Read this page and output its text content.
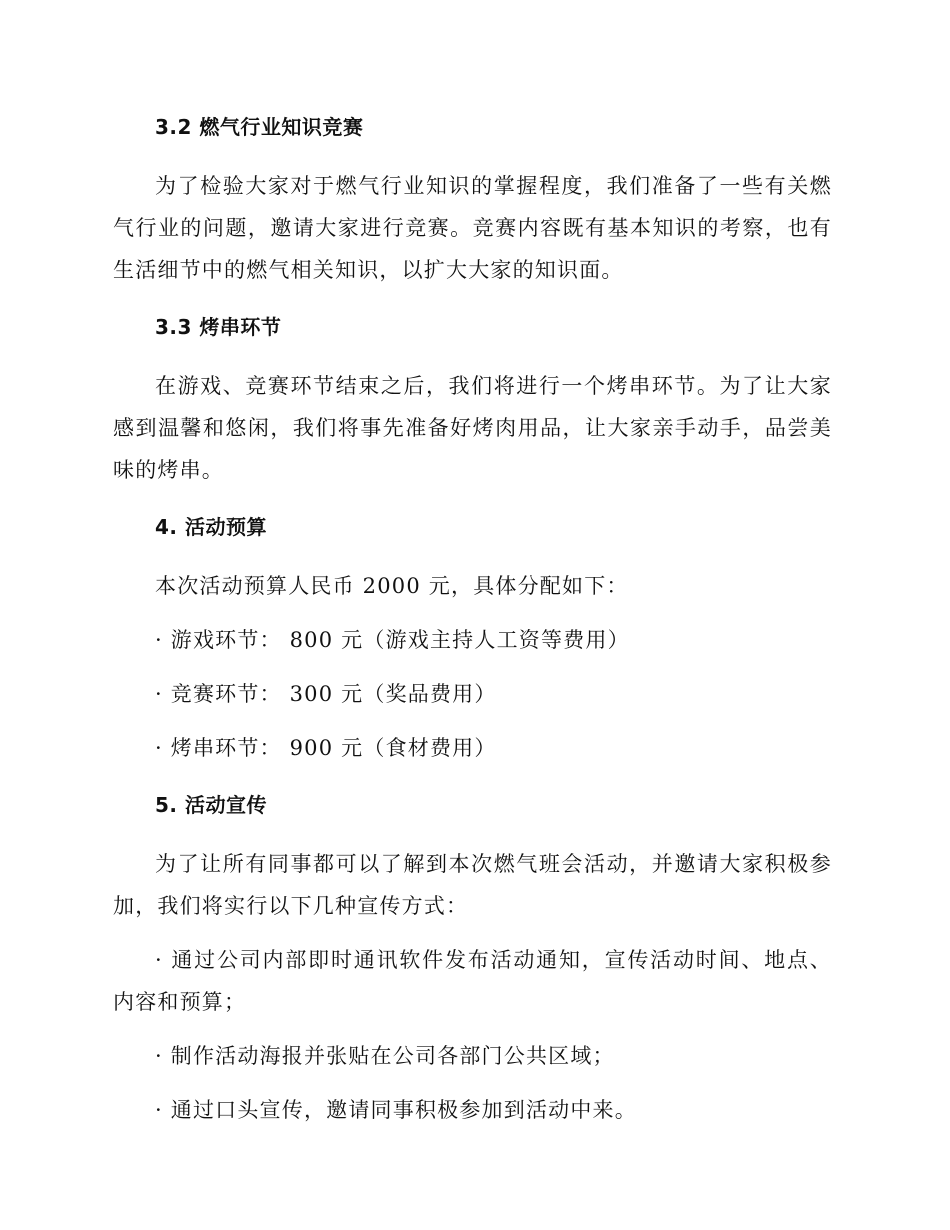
3.2 燃气行业知识竞赛

为了检验大家对于燃气行业知识的掌握程度，我们准备了一些有关燃气行业的问题，邀请大家进行竞赛。竞赛内容既有基本知识的考察，也有生活细节中的燃气相关知识，以扩大大家的知识面。

3.3 烤串环节

在游戏、竞赛环节结束之后，我们将进行一个烤串环节。为了让大家感到温馨和悠闲，我们将事先准备好烤肉用品，让大家亲手动手，品尝美味的烤串。

4. 活动预算

本次活动预算人民币 2000 元，具体分配如下：

· 游戏环节： 800 元（游戏主持人工资等费用）

· 竞赛环节： 300 元（奖品费用）

· 烤串环节： 900 元（食材费用）

5. 活动宣传

为了让所有同事都可以了解到本次燃气班会活动，并邀请大家积极参加，我们将实行以下几种宣传方式：

· 通过公司内部即时通讯软件发布活动通知，宣传活动时间、地点、内容和预算；

· 制作活动海报并张贴在公司各部门公共区域；

· 通过口头宣传，邀请同事积极参加到活动中来。
